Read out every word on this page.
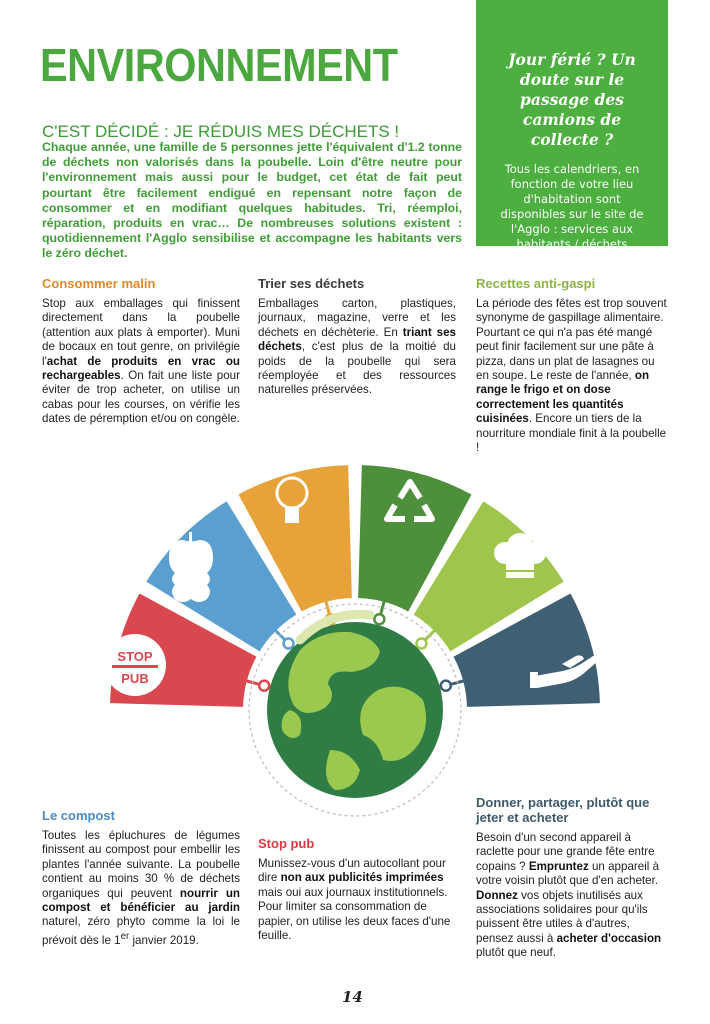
ENVIRONNEMENT	Jour férié ? Un doute sur le passage des camions de collecte ?

Tous les calendriers, en fonction de votre lieu d'habitation sont disponibles sur le site de l'Agglo : services aux habitants / déchets

C'EST DÉCIDÉ : JE RÉDUIS MES DÉCHETS !
Chaque année, une famille de 5 personnes jette l'équivalent d'1.2 tonne de déchets non valorisés dans la poubelle. Loin d'être neutre pour l'environnement mais aussi pour le budget, cet état de fait peut pourtant être facilement endigué en repensant notre façon de consommer et en modifiant quelques habitudes. Tri, réemploi, réparation, produits en vrac… De nombreuses solutions existent : quotidiennement l'Agglo sensibilise et accompagne les habitants vers le zéro déchet.
Consommer malin

Stop aux emballages qui finissent directement dans la poubelle (attention aux plats à emporter). Muni de bocaux en tout genre, on privilégie l'achat de produits en vrac ou rechargeables. On fait une liste pour éviter de trop acheter, on utilise un cabas pour les courses, on vérifie les dates de péremption et/ou on congèle.

Trier ses déchets

Emballages carton, plastiques, journaux, magazine, verre et les déchets en déchèterie. En triant ses déchets, c'est plus de la moitié du poids de la poubelle qui sera réemployée et des ressources naturelles préservées.

Recettes anti-gaspi

La période des fêtes est trop souvent synonyme de gaspillage alimentaire. Pourtant ce qui n'a pas été mangé peut finir facilement sur une pâte à pizza, dans un plat de lasagnes ou en soupe. Le reste de l'année, on range le frigo et on dose correctement les quantités cuisinées. Encore un tiers de la nourriture mondiale finit à la poubelle !

STOP
PUB
Le compost

Toutes les épluchures de légumes finissent au compost pour embellir les plantes l'année suivante. La poubelle contient au moins 30 % de déchets organiques qui peuvent nourrir un compost et bénéficier au jardin naturel, zéro phyto comme la loi le prévoit dès le 1er janvier 2019.

Stop pub

Munissez-vous d'un autocollant pour dire non aux publicités imprimées mais oui aux journaux institutionnels. Pour limiter sa consommation de papier, on utilise les deux faces d'une feuille.

Donner, partager, plutôt que jeter et acheter

Besoin d'un second appareil à raclette pour une grande fête entre copains ? Empruntez un appareil à votre voisin plutôt que d'en acheter. Donnez vos objets inutilisés aux associations solidaires pour qu'ils puissent être utiles à d'autres, pensez aussi à acheter d'occasion plutôt que neuf.

14
